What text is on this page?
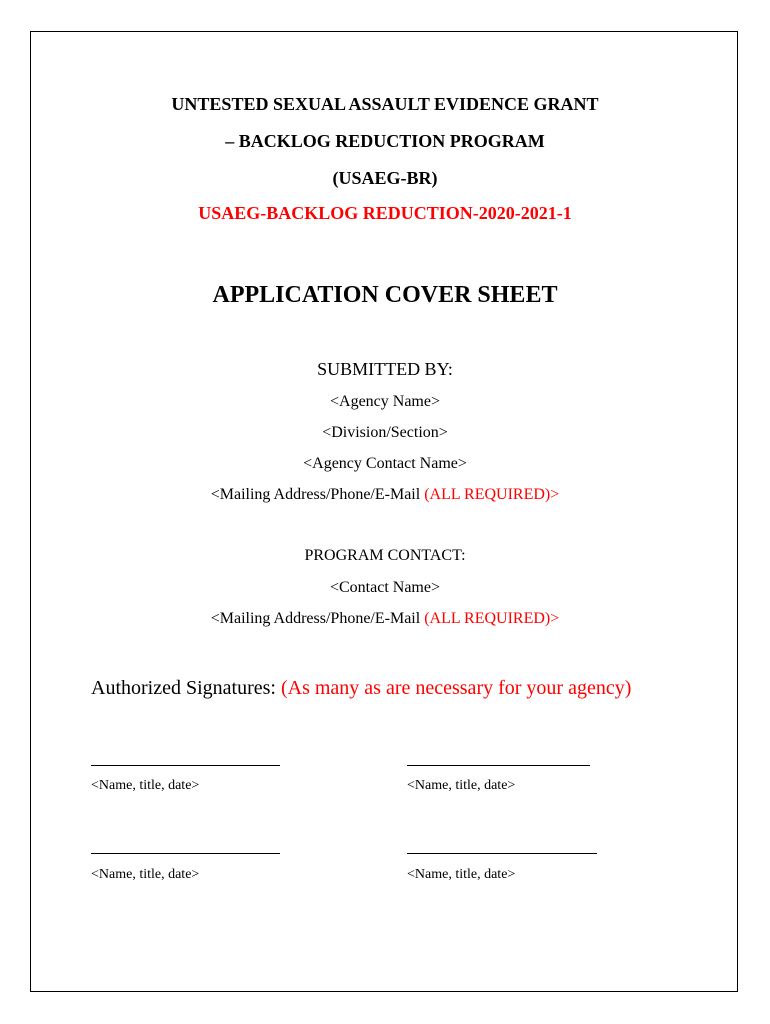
UNTESTED SEXUAL ASSAULT EVIDENCE GRANT
– BACKLOG REDUCTION PROGRAM
(USAEG-BR)
USAEG-BACKLOG REDUCTION-2020-2021-1
APPLICATION COVER SHEET
SUBMITTED BY:
<Agency Name>
<Division/Section>
<Agency Contact Name>
<Mailing Address/Phone/E-Mail (ALL REQUIRED)>
PROGRAM CONTACT:
<Contact Name>
<Mailing Address/Phone/E-Mail (ALL REQUIRED)>
Authorized Signatures: (As many as are necessary for your agency)
<Name, title, date>	<Name, title, date>
<Name, title, date>	<Name, title, date>
